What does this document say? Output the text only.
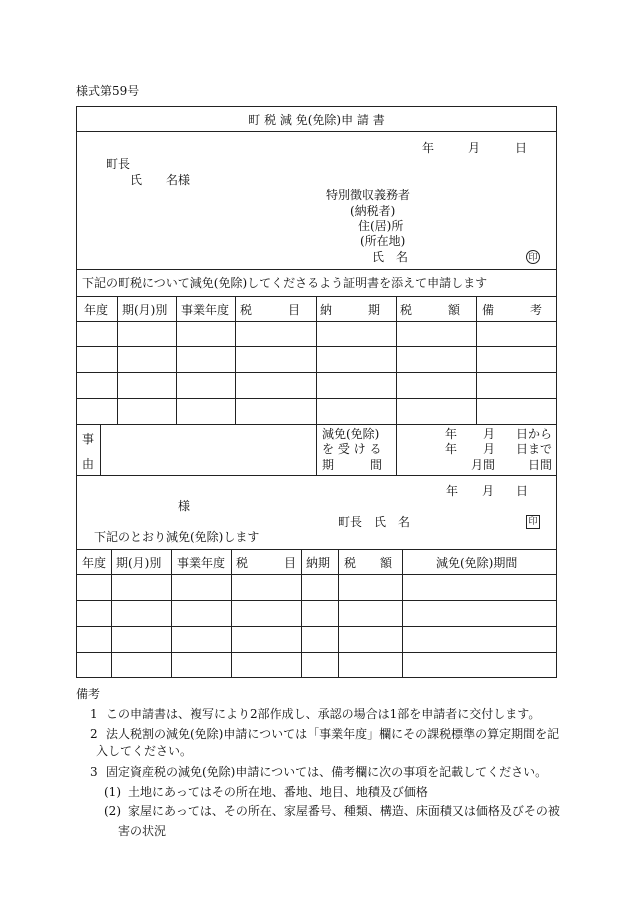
様式第59号
町 税 減 免(免除)申 請 書
年	月	日
町長
氏　　名様
特別徴収義務者
(納税者)
住(居)所
(所在地)
氏　名	印
下記の町税について減免(免除)してくださるよう証明書を添えて申請します
年度 期(月)別 事業年度 税　　　目	納　　　期	税　　　額	備　　　考
事
由
減免(免除)
を 受 け る
期　　　間
年 月 日から
年 月 日まで
月間	日間
年 月 日
様
町長　氏　名	印
下記のとおり減免(免除)します
年度 期(月)別 事業年度 税　　　目 納期 税　　額	減免(免除)期間
備考
1 この申請書は、複写により2部作成し、承認の場合は1部を申請者に交付します。
2 法人税割の減免(免除)申請については「事業年度」欄にその課税標準の算定期間を記
入してください。
3 固定資産税の減免(免除)申請については、備考欄に次の事項を記載してください。
(1) 土地にあってはその所在地、番地、地目、地積及び価格
(2) 家屋にあっては、その所在、家屋番号、種類、構造、床面積又は価格及びその被
害の状況
